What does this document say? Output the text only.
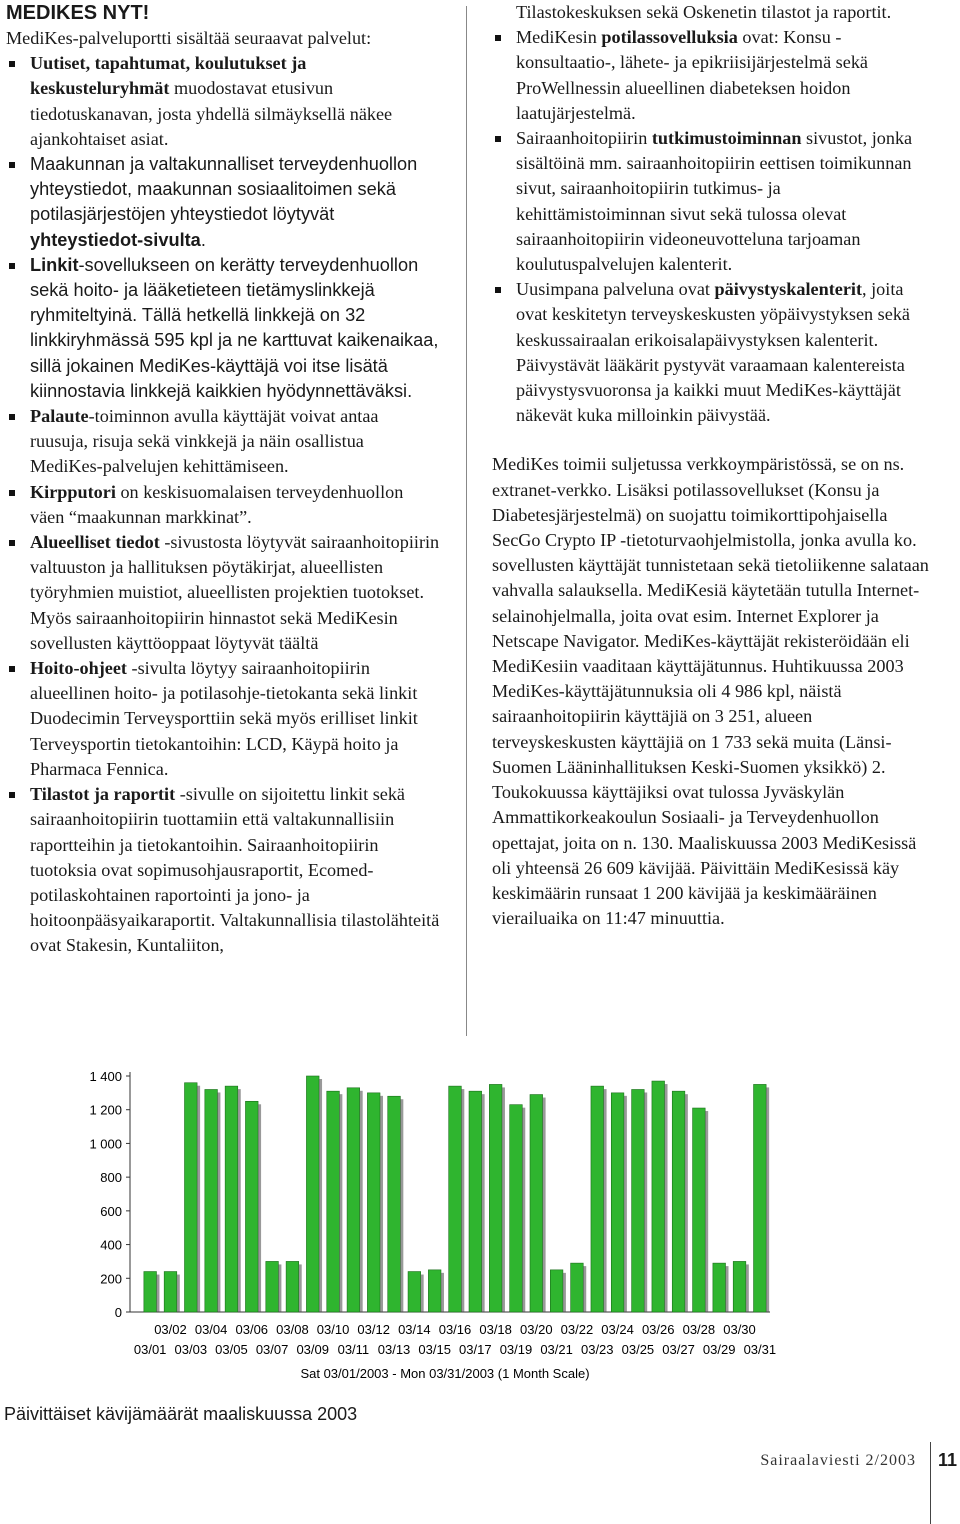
MEDIKES NYT!

MediKes-palveluportti sisältää seuraavat palvelut:

Uutiset, tapahtumat, koulutukset ja keskusteluryhmät muodostavat etusivun tiedotuskanavan, josta yhdellä silmäyksellä näkee ajankohtaiset asiat.
Maakunnan ja valtakunnalliset terveydenhuollon yhteystiedot, maakunnan sosiaalitoimen sekä potilasjärjestöjen yhteystiedot löytyvät yhteystiedot-sivulta.
Linkit-sovellukseen on kerätty terveydenhuollon sekä hoito- ja lääketieteen tietämyslinkkejä ryhmiteltyinä. Tällä hetkellä linkkejä on 32 linkkiryhmässä 595 kpl ja ne karttuvat kaikenaikaa, sillä jokainen MediKes-käyttäjä voi itse lisätä kiinnostavia linkkejä kaikkien hyödynnettäväksi.
Palaute-toiminnon avulla käyttäjät voivat antaa ruusuja, risuja sekä vinkkejä ja näin osallistua MediKes-palvelujen kehittämiseen.
Kirpputori on keskisuomalaisen terveydenhuollon väen “maakunnan markkinat”.
Alueelliset tiedot -sivustosta löytyvät sairaanhoitopiirin valtuuston ja hallituksen pöytäkirjat, alueellisten työryhmien muistiot, alueellisten projektien tuotokset. Myös sairaanhoitopiirin hinnastot sekä MediKesin sovellusten käyttöoppaat löytyvät täältä
Hoito-ohjeet -sivulta löytyy sairaanhoitopiirin alueellinen hoito- ja potilasohje-tietokanta sekä linkit Duodecimin Terveysporttiin sekä myös erilliset linkit Terveysportin tietokantoihin: LCD, Käypä hoito ja Pharmaca Fennica.
Tilastot ja raportit -sivulle on sijoitettu linkit sekä sairaanhoitopiirin tuottamiin että valtakunnallisiin raportteihin ja tietokantoihin. Sairaanhoitopiirin tuotoksia ovat sopimusohjausraportit, Ecomed-potilaskohtainen raportointi ja jono- ja hoitoonpääsyaikaraportit. Valtakunnallisia tilastolähteitä ovat Stakesin, Kuntaliiton,

Tilastokeskuksen sekä Oskenetin tilastot ja raportit.

MediKesin potilassovelluksia ovat: Konsu -konsultaatio-, lähete- ja epikriisijärjestelmä sekä ProWellnessin alueellinen diabeteksen hoidon laatujärjestelmä.
Sairaanhoitopiirin tutkimustoiminnan sivustot, jonka sisältöinä mm. sairaanhoitopiirin eettisen toimikunnan sivut, sairaanhoitopiirin tutkimus- ja kehittämistoiminnan sivut sekä tulossa olevat sairaanhoitopiirin videoneuvotteluna tarjoaman koulutuspalvelujen kalenterit.
Uusimpana palveluna ovat päivystyskalenterit, joita ovat keskitetyn terveyskeskusten yöpäivystyksen sekä keskussairaalan erikoisalapäivystyksen kalenterit. Päivystävät lääkärit pystyvät varaamaan kalentereista päivystysvuoronsa ja kaikki muut MediKes-käyttäjät näkevät kuka milloinkin päivystää.

MediKes toimii suljetussa verkkoympäristössä, se on ns. extranet-verkko. Lisäksi potilassovellukset (Konsu ja Diabetesjärjestelmä) on suojattu toimikorttipohjaisella SecGo Crypto IP -tietoturvaohjelmistolla, jonka avulla ko. sovellusten käyttäjät tunnistetaan sekä tietoliikenne salataan vahvalla salauksella. MediKesiä käytetään tutulla Internet-selainohjelmalla, joita ovat esim. Internet Explorer ja Netscape Navigator. MediKes-käyttäjät rekisteröidään eli MediKesiin vaaditaan käyttäjätunnus. Huhtikuussa 2003 MediKes-käyttäjätunnuksia oli 4 986 kpl, näistä sairaanhoitopiirin käyttäjiä on 3 251, alueen terveyskeskusten käyttäjiä on 1 733 sekä muita (Länsi-Suomen Lääninhallituksen Keski-Suomen yksikkö) 2. Toukokuussa käyttäjiksi ovat tulossa Jyväskylän Ammattikorkeakoulun Sosiaali- ja Terveydenhuollon opettajat, joita on n. 130. Maaliskuussa 2003 MediKesissä oli yhteensä 26 609 kävijää. Päivittäin MediKesissä käy keskimäärin runsaat 1 200 kävijää ja keskimääräinen vierailuaika on 11:47 minuuttia.

0
200
400
600
800
1 000
1 200
1 400
03/01
03/02
03/03
03/04
03/05
03/06
03/07
03/08
03/09
03/10
03/11
03/12
03/13
03/14
03/15
03/16
03/17
03/18
03/19
03/20
03/21
03/22
03/23
03/24
03/25
03/26
03/27
03/28
03/29
03/30
03/31
Sat 03/01/2003 - Mon 03/31/2003 (1 Month Scale)
Päivittäiset kävijämäärät maaliskuussa 2003
Sairaalaviesti 2/2003 11
